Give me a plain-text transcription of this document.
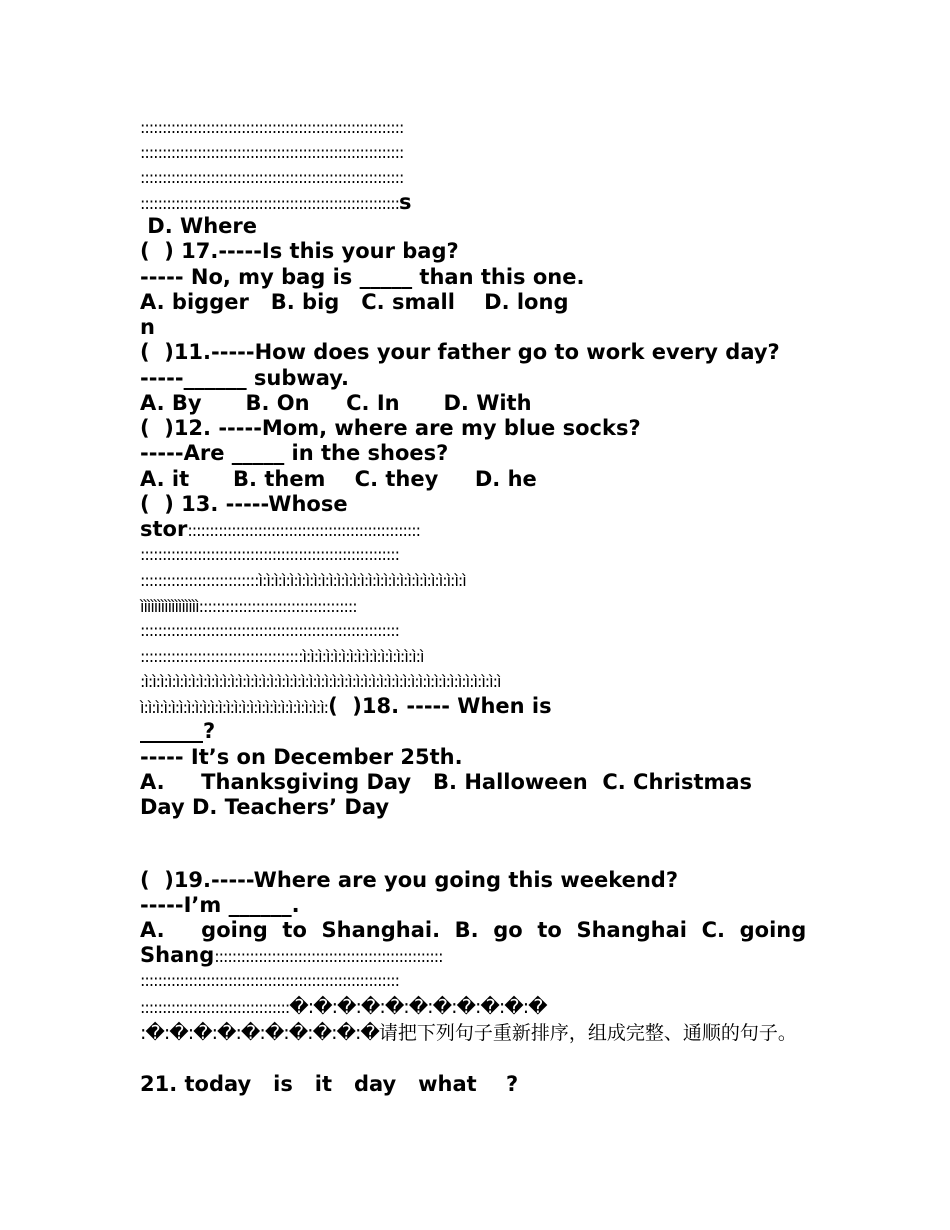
꞉꞉꞉꞉꞉꞉꞉꞉꞉꞉꞉꞉꞉꞉꞉꞉꞉꞉꞉꞉꞉꞉꞉꞉꞉꞉꞉꞉꞉꞉꞉꞉꞉꞉꞉꞉꞉꞉꞉꞉꞉꞉꞉꞉꞉꞉꞉꞉꞉꞉꞉꞉꞉꞉꞉꞉꞉꞉꞉꞉
꞉꞉꞉꞉꞉꞉꞉꞉꞉꞉꞉꞉꞉꞉꞉꞉꞉꞉꞉꞉꞉꞉꞉꞉꞉꞉꞉꞉꞉꞉꞉꞉꞉꞉꞉꞉꞉꞉꞉꞉꞉꞉꞉꞉꞉꞉꞉꞉꞉꞉꞉꞉꞉꞉꞉꞉꞉꞉꞉꞉
꞉꞉꞉꞉꞉꞉꞉꞉꞉꞉꞉꞉꞉꞉꞉꞉꞉꞉꞉꞉꞉꞉꞉꞉꞉꞉꞉꞉꞉꞉꞉꞉꞉꞉꞉꞉꞉꞉꞉꞉꞉꞉꞉꞉꞉꞉꞉꞉꞉꞉꞉꞉꞉꞉꞉꞉꞉꞉꞉꞉
꞉꞉꞉꞉꞉꞉꞉꞉꞉꞉꞉꞉꞉꞉꞉꞉꞉꞉꞉꞉꞉꞉꞉꞉꞉꞉꞉꞉꞉꞉꞉꞉꞉꞉꞉꞉꞉꞉꞉꞉꞉꞉꞉꞉꞉꞉꞉꞉꞉꞉꞉꞉꞉꞉꞉꞉꞉꞉꞉s
D. Where
(  ) 17.-----Is this your bag?
----- No, my bag is _____ than this one.
A. bigger   B. big   C. small    D. long
n
(  )11.-----How does your father go to work every day?
-----______ subway.
A. By      B. On     C. In      D. With
(  )12. -----Mom, where are my blue socks?
-----Are _____ in the shoes?
A. it      B. them    C. they     D. he
(  ) 13. -----Whose
stor꞉꞉꞉꞉꞉꞉꞉꞉꞉꞉꞉꞉꞉꞉꞉꞉꞉꞉꞉꞉꞉꞉꞉꞉꞉꞉꞉꞉꞉꞉꞉꞉꞉꞉꞉꞉꞉꞉꞉꞉꞉꞉꞉꞉꞉꞉꞉꞉꞉꞉꞉꞉꞉
꞉꞉꞉꞉꞉꞉꞉꞉꞉꞉꞉꞉꞉꞉꞉꞉꞉꞉꞉꞉꞉꞉꞉꞉꞉꞉꞉꞉꞉꞉꞉꞉꞉꞉꞉꞉꞉꞉꞉꞉꞉꞉꞉꞉꞉꞉꞉꞉꞉꞉꞉꞉꞉꞉꞉꞉꞉꞉꞉
꞉꞉꞉꞉꞉꞉꞉꞉꞉꞉꞉꞉꞉꞉꞉꞉꞉꞉꞉꞉꞉꞉꞉꞉꞉꞉꞉ì꞉ì꞉ì꞉ì꞉ì꞉ì꞉ì꞉ì꞉ì꞉ì꞉ì꞉ì꞉ì꞉ì꞉ì꞉ì꞉ì꞉ì꞉ì꞉ì꞉ì꞉ì꞉ì꞉ì꞉ì꞉ì꞉ì
ììììììììììììììììì꞉꞉꞉꞉꞉꞉꞉꞉꞉꞉꞉꞉꞉꞉꞉꞉꞉꞉꞉꞉꞉꞉꞉꞉꞉꞉꞉꞉꞉꞉꞉꞉꞉꞉꞉꞉
꞉꞉꞉꞉꞉꞉꞉꞉꞉꞉꞉꞉꞉꞉꞉꞉꞉꞉꞉꞉꞉꞉꞉꞉꞉꞉꞉꞉꞉꞉꞉꞉꞉꞉꞉꞉꞉꞉꞉꞉꞉꞉꞉꞉꞉꞉꞉꞉꞉꞉꞉꞉꞉꞉꞉꞉꞉꞉꞉
꞉꞉꞉꞉꞉꞉꞉꞉꞉꞉꞉꞉꞉꞉꞉꞉꞉꞉꞉꞉꞉꞉꞉꞉꞉꞉꞉꞉꞉꞉꞉꞉꞉꞉꞉꞉꞉ì꞉ì꞉ì꞉ì꞉ì꞉ì꞉ì꞉ì꞉ì꞉ì꞉ì꞉ì꞉ì꞉ì꞉ì꞉ì
꞉ì꞉ì꞉ì꞉ì꞉ì꞉ì꞉ì꞉ì꞉ì꞉ì꞉ì꞉ì꞉ì꞉ì꞉ì꞉ì꞉ì꞉ì꞉ì꞉ì꞉ì꞉ì꞉ì꞉ì꞉ì꞉ì꞉ì꞉ì꞉ì꞉ì꞉ì꞉ì꞉ì꞉ì꞉ì꞉ì꞉ì꞉ì꞉ì꞉ì꞉ì꞉ì꞉ì꞉ì꞉ì꞉ì
ì꞉ì꞉ì꞉ì꞉ì꞉ì꞉ì꞉ì꞉ì꞉ì꞉ì꞉ì꞉ì꞉ì꞉ì꞉ì꞉ì꞉ì꞉ì꞉ì꞉ì꞉ì꞉ì꞉ì꞉(  )18. ----- When is
______?
----- It’s on December 25th.
A.     Thanksgiving Day   B. Halloween  C. Christmas
Day D. Teachers’ Day
(  )19.-----Where are you going this weekend?
-----I’m ______.
A.     going  to  Shanghai.  B.  go  to  Shanghai  C.  going
Shang꞉꞉꞉꞉꞉꞉꞉꞉꞉꞉꞉꞉꞉꞉꞉꞉꞉꞉꞉꞉꞉꞉꞉꞉꞉꞉꞉꞉꞉꞉꞉꞉꞉꞉꞉꞉꞉꞉꞉꞉꞉꞉꞉꞉꞉꞉꞉꞉꞉꞉꞉꞉
꞉꞉꞉꞉꞉꞉꞉꞉꞉꞉꞉꞉꞉꞉꞉꞉꞉꞉꞉꞉꞉꞉꞉꞉꞉꞉꞉꞉꞉꞉꞉꞉꞉꞉꞉꞉꞉꞉꞉꞉꞉꞉꞉꞉꞉꞉꞉꞉꞉꞉꞉꞉꞉꞉꞉꞉꞉꞉꞉
꞉꞉꞉꞉꞉꞉꞉꞉꞉꞉꞉꞉꞉꞉꞉꞉꞉꞉꞉꞉꞉꞉꞉꞉꞉꞉꞉꞉꞉꞉꞉꞉꞉꞉�꞉�꞉�꞉�꞉�꞉�꞉�꞉�꞉�꞉�꞉�
꞉�꞉�꞉�꞉�꞉�꞉�꞉�꞉�꞉�꞉�请把下列句子重新排序，组成完整、通顺的句子。
21. today   is   it   day   what    ?
